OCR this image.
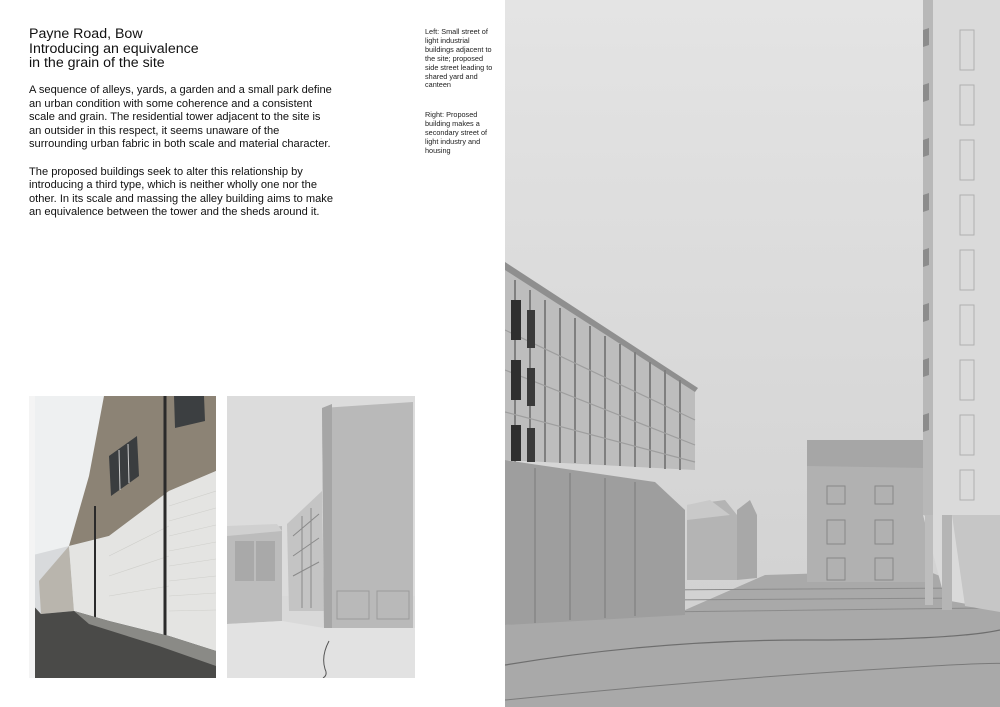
Payne Road, Bow
Introducing an equivalence
in the grain of the site

A sequence of alleys, yards, a garden and a small park define an urban condition with some coherence and a consistent scale and grain. The residential tower adjacent to the site is an outsider in this respect, it seems unaware of the surrounding urban fabric in both scale and material character.

The proposed buildings seek to alter this relationship by introducing a third type, which is neither wholly one nor the other. In its scale and massing the alley building aims to make an equivalence between the tower and the sheds around it.

Left: Small street of light industrial buildings adjacent to the site; proposed side street leading to shared yard and canteen
Right: Proposed building makes a secondary street of light industry and housing
